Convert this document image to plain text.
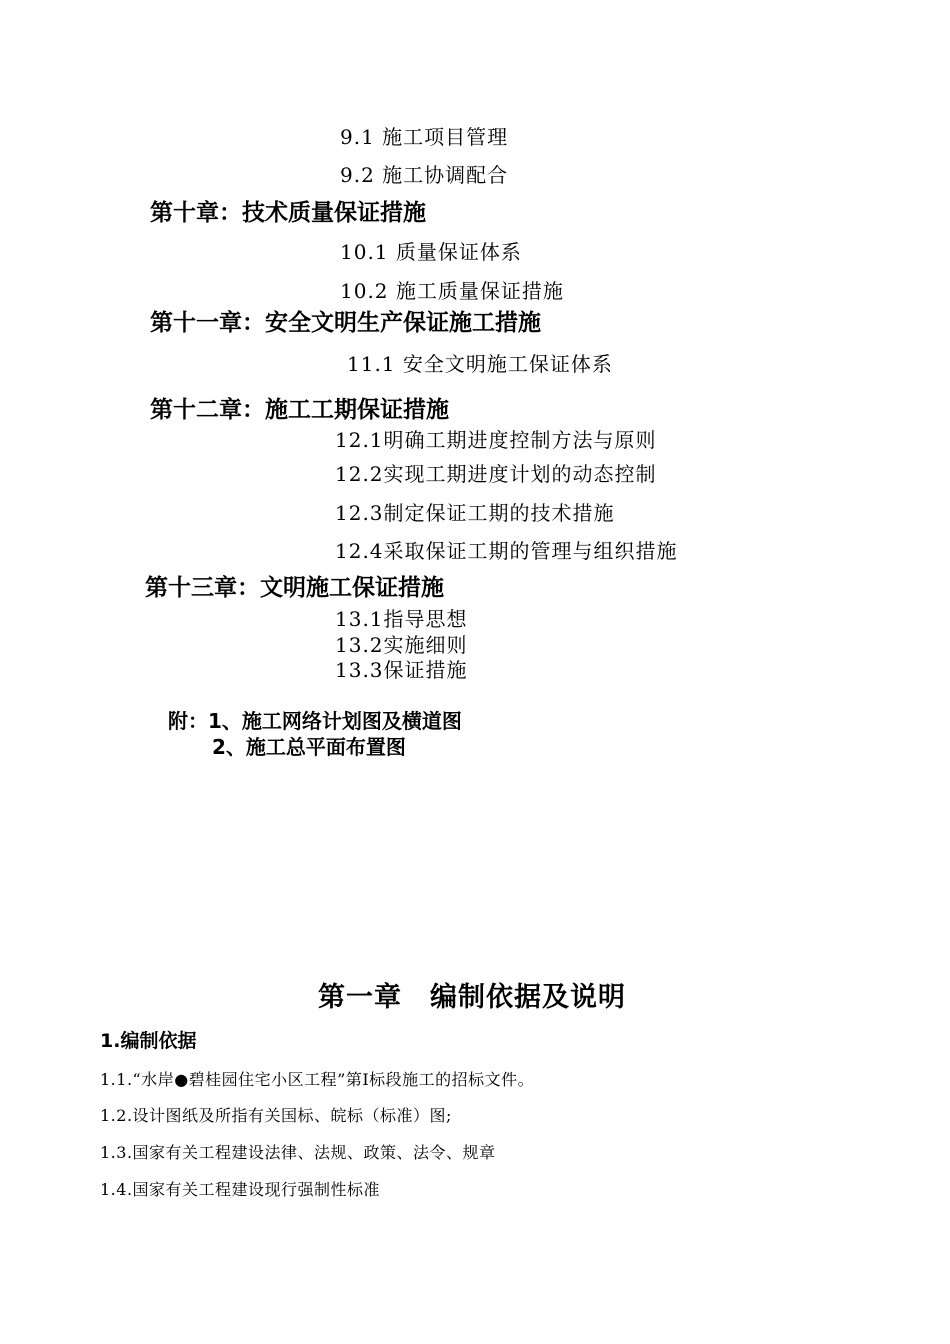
9.1 施工项目管理
9.2 施工协调配合
第十章：技术质量保证措施
10.1 质量保证体系
10.2 施工质量保证措施
第十一章：安全文明生产保证施工措施
11.1 安全文明施工保证体系
第十二章：施工工期保证措施
12.1明确工期进度控制方法与原则
12.2实现工期进度计划的动态控制
12.3制定保证工期的技术措施
12.4采取保证工期的管理与组织措施
第十三章：文明施工保证措施
13.1指导思想
13.2实施细则
13.3保证措施
附：1、施工网络计划图及横道图
2、施工总平面布置图
第一章　编制依据及说明
1.编制依据
1.1.“水岸●碧桂园住宅小区工程”第Ⅰ标段施工的招标文件。
1.2.设计图纸及所指有关国标、皖标（标准）图;
1.3.国家有关工程建设法律、法规、政策、法令、规章
1.4.国家有关工程建设现行强制性标准
